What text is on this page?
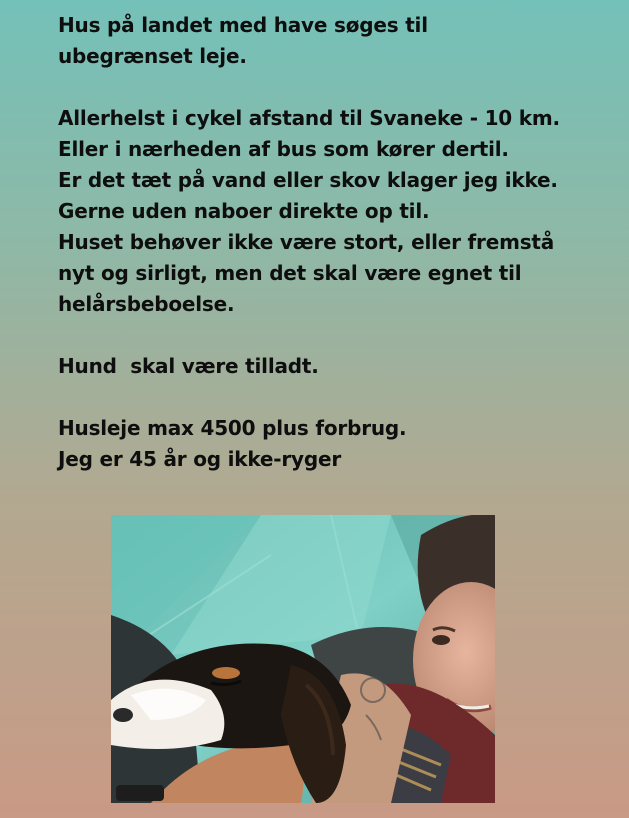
Hus på landet med have søges til
ubegrænset leje.

Allerhelst i cykel afstand til Svaneke - 10 km.
Eller i nærheden af bus som kører dertil.
Er det tæt på vand eller skov klager jeg ikke.
Gerne uden naboer direkte op til.
Huset behøver ikke være stort, eller fremstå
nyt og sirligt, men det skal være egnet til
helårsbeboelse.

Hund  skal være tilladt.

Husleje max 4500 plus forbrug.
Jeg er 45 år og ikke-ryger
